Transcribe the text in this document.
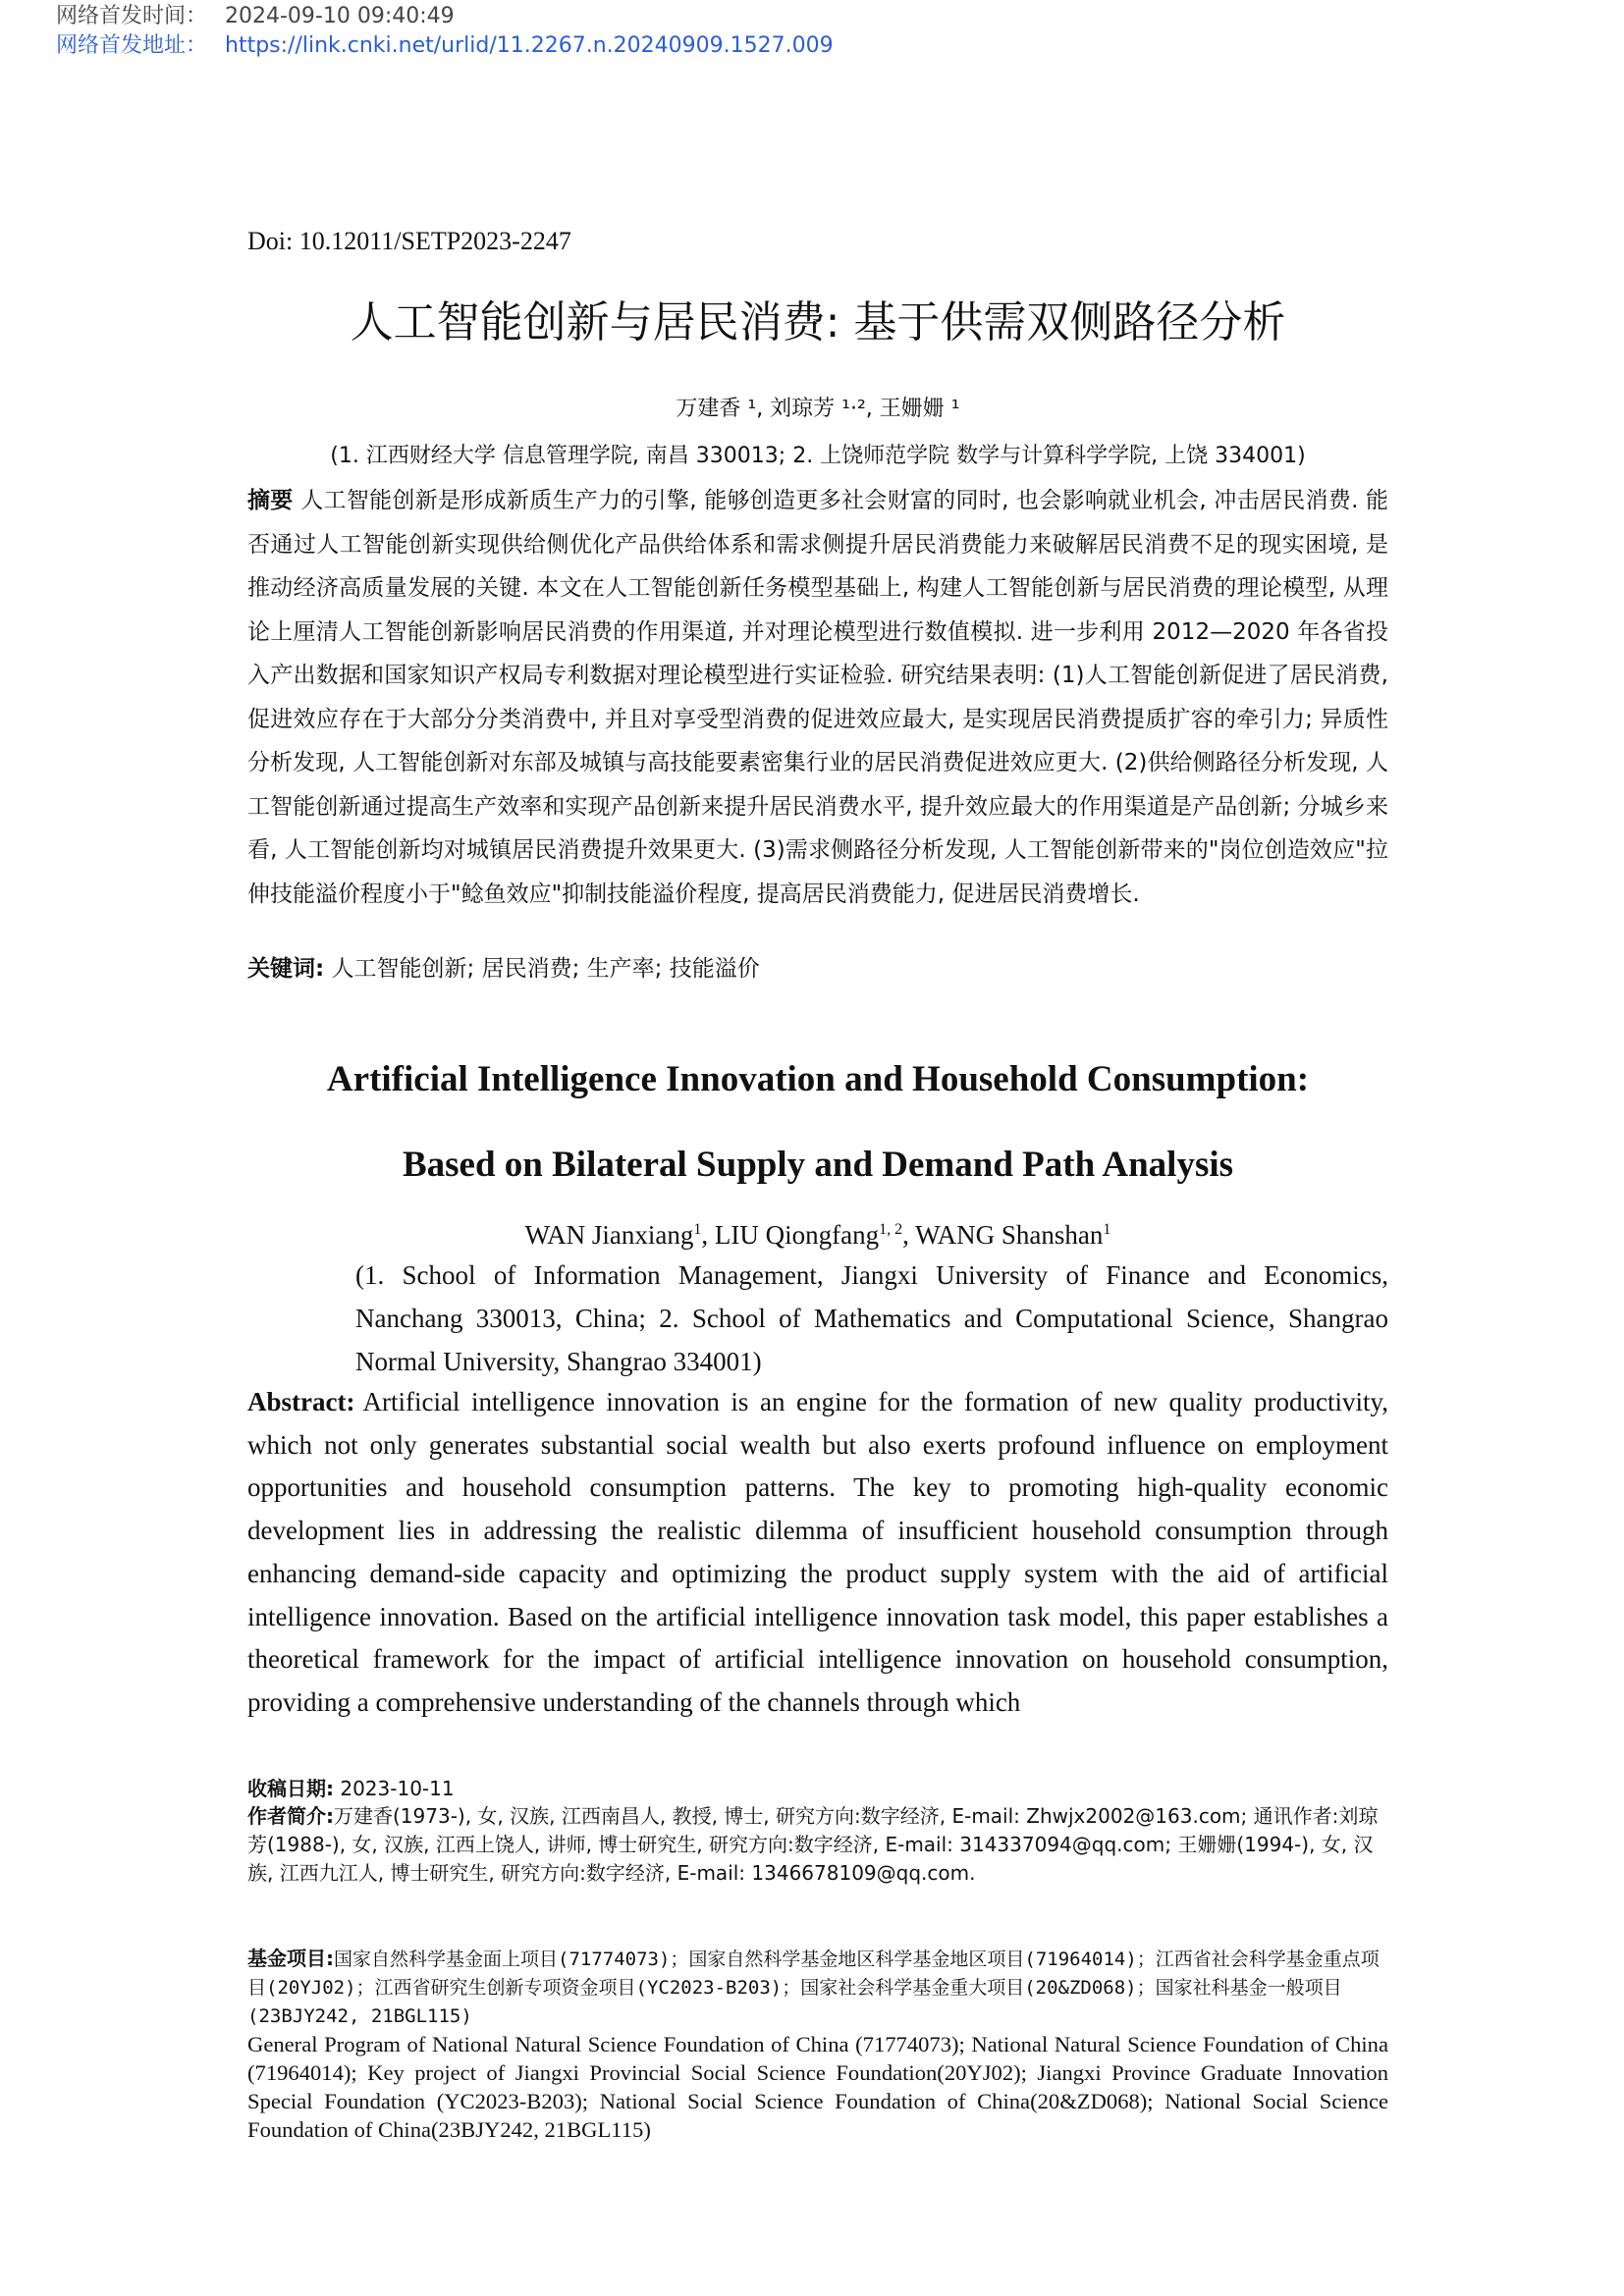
网络首发时间： 2024-09-10 09:40:49
网络首发地址： https://link.cnki.net/urlid/11.2267.n.20240909.1527.009
Doi: 10.12011/SETP2023-2247
人工智能创新与居民消费: 基于供需双侧路径分析
万建香 ¹, 刘琼芳 ¹·², 王姗姗 ¹
(1. 江西财经大学 信息管理学院, 南昌 330013; 2. 上饶师范学院 数学与计算科学学院, 上饶 334001)
摘要 人工智能创新是形成新质生产力的引擎, 能够创造更多社会财富的同时, 也会影响就业机会, 冲击居民消费. 能否通过人工智能创新实现供给侧优化产品供给体系和需求侧提升居民消费能力来破解居民消费不足的现实困境, 是推动经济高质量发展的关键. 本文在人工智能创新任务模型基础上, 构建人工智能创新与居民消费的理论模型, 从理论上厘清人工智能创新影响居民消费的作用渠道, 并对理论模型进行数值模拟. 进一步利用 2012—2020 年各省投入产出数据和国家知识产权局专利数据对理论模型进行实证检验. 研究结果表明: (1)人工智能创新促进了居民消费, 促进效应存在于大部分分类消费中, 并且对享受型消费的促进效应最大, 是实现居民消费提质扩容的牵引力; 异质性分析发现, 人工智能创新对东部及城镇与高技能要素密集行业的居民消费促进效应更大. (2)供给侧路径分析发现, 人工智能创新通过提高生产效率和实现产品创新来提升居民消费水平, 提升效应最大的作用渠道是产品创新; 分城乡来看, 人工智能创新均对城镇居民消费提升效果更大. (3)需求侧路径分析发现, 人工智能创新带来的"岗位创造效应"拉伸技能溢价程度小于"鲶鱼效应"抑制技能溢价程度, 提高居民消费能力, 促进居民消费增长.
关键词: 人工智能创新; 居民消费; 生产率; 技能溢价
Artificial Intelligence Innovation and Household Consumption:
Based on Bilateral Supply and Demand Path Analysis
WAN Jianxiang$^1$, LIU Qiongfang$^{1, 2}$, WANG Shanshan$^1$
(1. School of Information Management, Jiangxi University of Finance and Economics, Nanchang 330013, China; 2. School of Mathematics and Computational Science, Shangrao Normal University, Shangrao 334001)
Abstract: Artificial intelligence innovation is an engine for the formation of new quality productivity, which not only generates substantial social wealth but also exerts profound influence on employment opportunities and household consumption patterns. The key to promoting high-quality economic development lies in addressing the realistic dilemma of insufficient household consumption through enhancing demand-side capacity and optimizing the product supply system with the aid of artificial intelligence innovation. Based on the artificial intelligence innovation task model, this paper establishes a theoretical framework for the impact of artificial intelligence innovation on household consumption, providing a comprehensive understanding of the channels through which
收稿日期: 2023-10-11
作者简介:万建香(1973-), 女, 汉族, 江西南昌人, 教授, 博士, 研究方向:数字经济, E-mail: Zhwjx2002@163.com; 通讯作者:刘琼芳(1988-), 女, 汉族, 江西上饶人, 讲师, 博士研究生, 研究方向:数字经济, E-mail: 314337094@qq.com; 王姗姗(1994-), 女, 汉族, 江西九江人, 博士研究生, 研究方向:数字经济, E-mail: 1346678109@qq.com.
基金项目:国家自然科学基金面上项目(71774073)；国家自然科学基金地区科学基金地区项目(71964014)；江西省社会科学基金重点项目(20YJ02)；江西省研究生创新专项资金项目(YC2023-B203)；国家社会科学基金重大项目(20&ZD068)；国家社科基金一般项目(23BJY242, 21BGL115)
General Program of National Natural Science Foundation of China (71774073); National Natural Science Foundation of China (71964014); Key project of Jiangxi Provincial Social Science Foundation(20YJ02); Jiangxi Province Graduate Innovation Special Foundation (YC2023-B203); National Social Science Foundation of China(20&ZD068); National Social Science Foundation of China(23BJY242, 21BGL115)
